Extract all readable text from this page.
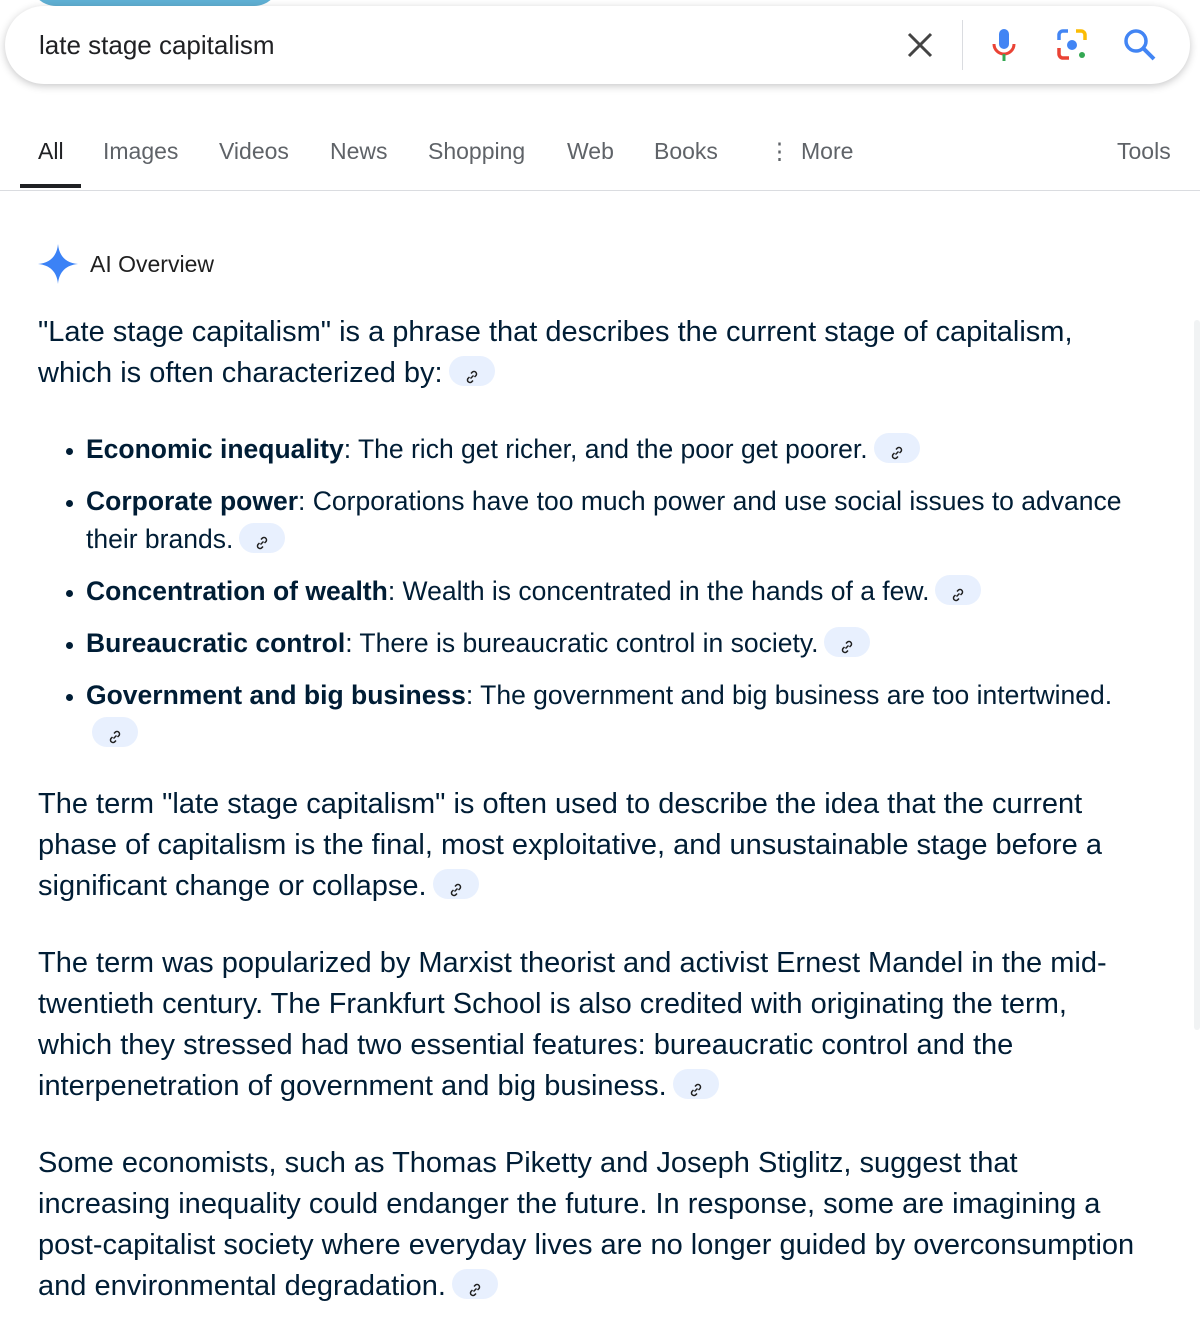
late stage capitalism
All Images Videos News Shopping Web Books ⋮ More	Tools
AI Overview

"Late stage capitalism" is a phrase that describes the current stage of capitalism, which is often characterized by:

• Economic inequality: The rich get richer, and the poor get poorer.
• Corporate power: Corporations have too much power and use social issues to advance their brands.
• Concentration of wealth: Wealth is concentrated in the hands of a few.
• Bureaucratic control: There is bureaucratic control in society.
• Government and big business: The government and big business are too intertwined.

The term "late stage capitalism" is often used to describe the idea that the current phase of capitalism is the final, most exploitative, and unsustainable stage before a significant change or collapse.

The term was popularized by Marxist theorist and activist Ernest Mandel in the mid-twentieth century. The Frankfurt School is also credited with originating the term, which they stressed had two essential features: bureaucratic control and the interpenetration of government and big business.

Some economists, such as Thomas Piketty and Joseph Stiglitz, suggest that increasing inequality could endanger the future. In response, some are imagining a post-capitalist society where everyday lives are no longer guided by overconsumption and environmental degradation.
